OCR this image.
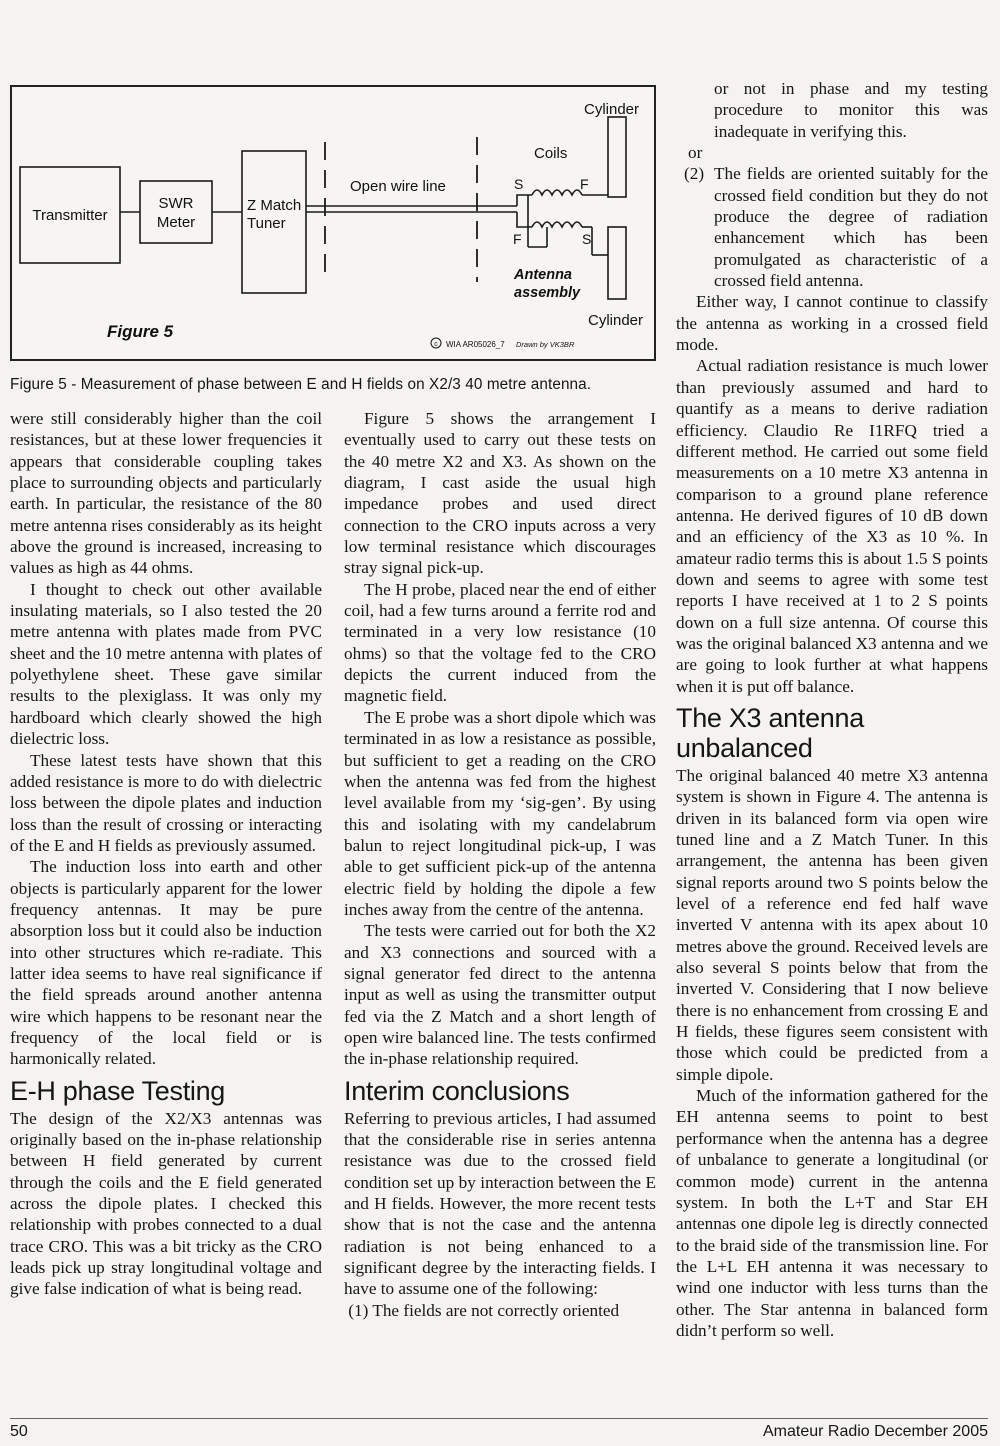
Transmitter
SWR
Meter
Z Match
Tuner
Open wire line
Coils
Cylinder
Cylinder
S	F
F	S
Antenna
assembly
Figure 5
c WIA AR05026_7 Drawn by VK3BR
Figure 5 - Measurement of phase between E and H fields on X2/3 40 metre antenna.

were still considerably higher than the coil resistances, but at these lower frequencies it appears that considerable coupling takes place to surrounding objects and particularly earth. In particular, the resistance of the 80 metre antenna rises considerably as its height above the ground is increased, increasing to values as high as 44 ohms.

I thought to check out other available insulating materials, so I also tested the 20 metre antenna with plates made from PVC sheet and the 10 metre antenna with plates of polyethylene sheet. These gave similar results to the plexiglass. It was only my hardboard which clearly showed the high dielectric loss.

These latest tests have shown that this added resistance is more to do with dielectric loss between the dipole plates and induction loss than the result of crossing or interacting of the E and H fields as previously assumed.

The induction loss into earth and other objects is particularly apparent for the lower frequency antennas. It may be pure absorption loss but it could also be induction into other structures which re-radiate. This latter idea seems to have real significance if the field spreads around another antenna wire which happens to be resonant near the frequency of the local field or is harmonically related.

E-H phase Testing

The design of the X2/X3 antennas was originally based on the in-phase relationship between H field generated by current through the coils and the E field generated across the dipole plates. I checked this relationship with probes connected to a dual trace CRO. This was a bit tricky as the CRO leads pick up stray longitudinal voltage and give false indication of what is being read.

Figure 5 shows the arrangement I eventually used to carry out these tests on the 40 metre X2 and X3. As shown on the diagram, I cast aside the usual high impedance probes and used direct connection to the CRO inputs across a very low terminal resistance which discourages stray signal pick-up.

The H probe, placed near the end of either coil, had a few turns around a ferrite rod and terminated in a very low resistance (10 ohms) so that the voltage fed to the CRO depicts the current induced from the magnetic field.

The E probe was a short dipole which was terminated in as low a resistance as possible, but sufficient to get a reading on the CRO when the antenna was fed from the highest level available from my ‘sig-gen’. By using this and isolating with my candelabrum balun to reject longitudinal pick-up, I was able to get sufficient pick-up of the antenna electric field by holding the dipole a few inches away from the centre of the antenna.

The tests were carried out for both the X2 and X3 connections and sourced with a signal generator fed direct to the antenna input as well as using the transmitter output fed via the Z Match and a short length of open wire balanced line. The tests confirmed the in-phase relationship required.

Interim conclusions

Referring to previous articles, I had assumed that the considerable rise in series antenna resistance was due to the crossed field condition set up by interaction between the E and H fields. However, the more recent tests show that is not the case and the antenna radiation is not being enhanced to a significant degree by the interacting fields. I have to assume one of the following:

(1) The fields are not correctly oriented

or not in phase and my testing procedure to monitor this was inadequate in verifying this.

or

(2) The fields are oriented suitably for the crossed field condition but they do not produce the degree of radiation enhancement which has been promulgated as characteristic of a crossed field antenna.

Either way, I cannot continue to classify the antenna as working in a crossed field mode.

Actual radiation resistance is much lower than previously assumed and hard to quantify as a means to derive radiation efficiency. Claudio Re I1RFQ tried a different method. He carried out some field measurements on a 10 metre X3 antenna in comparison to a ground plane reference antenna. He derived figures of 10 dB down and an efficiency of the X3 as 10 %. In amateur radio terms this is about 1.5 S points down and seems to agree with some test reports I have received at 1 to 2 S points down on a full size antenna. Of course this was the original balanced X3 antenna and we are going to look further at what happens when it is put off balance.

The X3 antenna unbalanced

The original balanced 40 metre X3 antenna system is shown in Figure 4. The antenna is driven in its balanced form via open wire tuned line and a Z Match Tuner. In this arrangement, the antenna has been given signal reports around two S points below the level of a reference end fed half wave inverted V antenna with its apex about 10 metres above the ground. Received levels are also several S points below that from the inverted V. Considering that I now believe there is no enhancement from crossing E and H fields, these figures seem consistent with those which could be predicted from a simple dipole.

Much of the information gathered for the EH antenna seems to point to best performance when the antenna has a degree of unbalance to generate a longitudinal (or common mode) current in the antenna system. In both the L+T and Star EH antennas one dipole leg is directly connected to the braid side of the transmission line. For the L+L EH antenna it was necessary to wind one inductor with less turns than the other. The Star antenna in balanced form didn’t perform so well.

50	Amateur Radio December 2005
